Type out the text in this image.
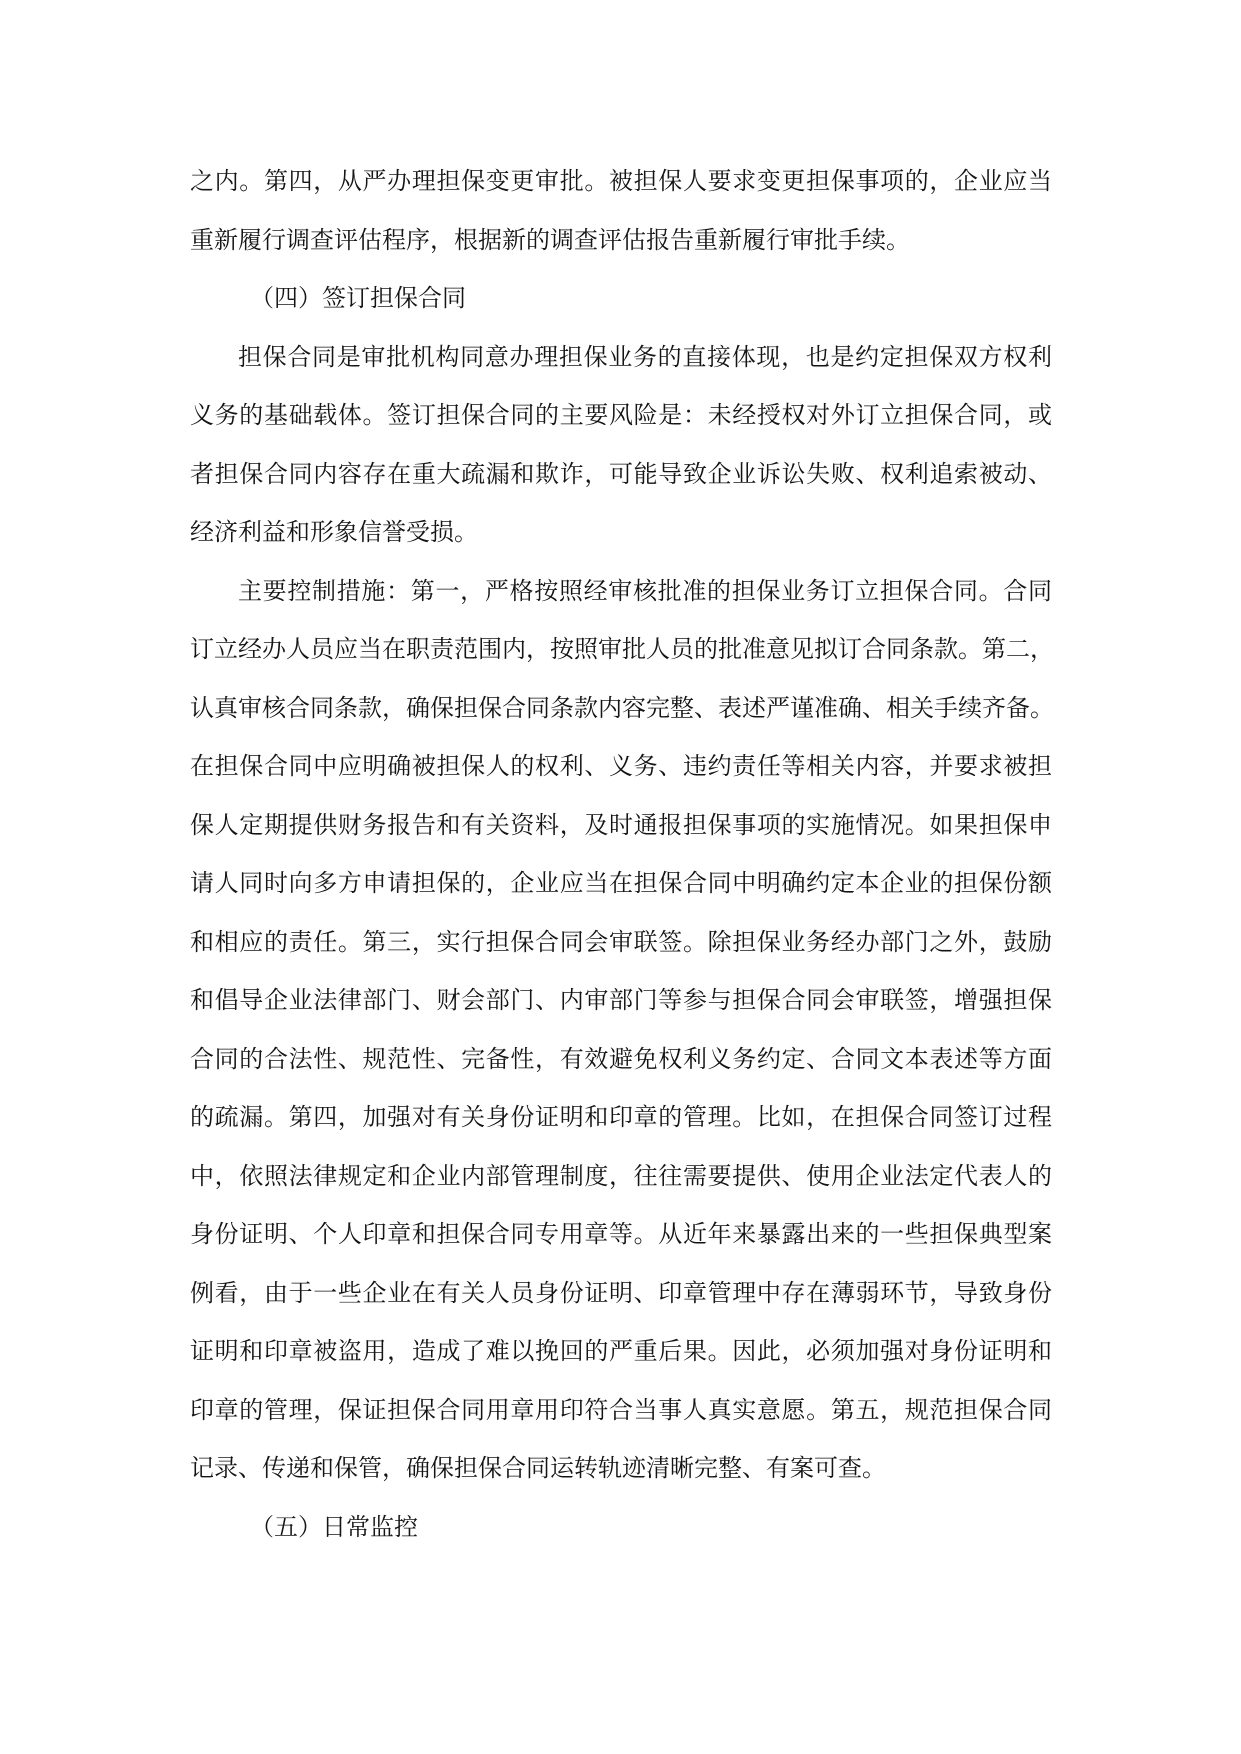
之内。第四，从严办理担保变更审批。被担保人要求变更担保事项的，企业应当
重新履行调查评估程序，根据新的调查评估报告重新履行审批手续。
（四）签订担保合同
担保合同是审批机构同意办理担保业务的直接体现，也是约定担保双方权利
义务的基础载体。签订担保合同的主要风险是：未经授权对外订立担保合同，或
者担保合同内容存在重大疏漏和欺诈，可能导致企业诉讼失败、权利追索被动、
经济利益和形象信誉受损。
主要控制措施：第一，严格按照经审核批准的担保业务订立担保合同。合同
订立经办人员应当在职责范围内，按照审批人员的批准意见拟订合同条款。第二，
认真审核合同条款，确保担保合同条款内容完整、表述严谨准确、相关手续齐备。
在担保合同中应明确被担保人的权利、义务、违约责任等相关内容，并要求被担
保人定期提供财务报告和有关资料，及时通报担保事项的实施情况。如果担保申
请人同时向多方申请担保的，企业应当在担保合同中明确约定本企业的担保份额
和相应的责任。第三，实行担保合同会审联签。除担保业务经办部门之外，鼓励
和倡导企业法律部门、财会部门、内审部门等参与担保合同会审联签，增强担保
合同的合法性、规范性、完备性，有效避免权利义务约定、合同文本表述等方面
的疏漏。第四，加强对有关身份证明和印章的管理。比如，在担保合同签订过程
中，依照法律规定和企业内部管理制度，往往需要提供、使用企业法定代表人的
身份证明、个人印章和担保合同专用章等。从近年来暴露出来的一些担保典型案
例看，由于一些企业在有关人员身份证明、印章管理中存在薄弱环节，导致身份
证明和印章被盗用，造成了难以挽回的严重后果。因此，必须加强对身份证明和
印章的管理，保证担保合同用章用印符合当事人真实意愿。第五，规范担保合同
记录、传递和保管，确保担保合同运转轨迹清晰完整、有案可查。
（五）日常监控
